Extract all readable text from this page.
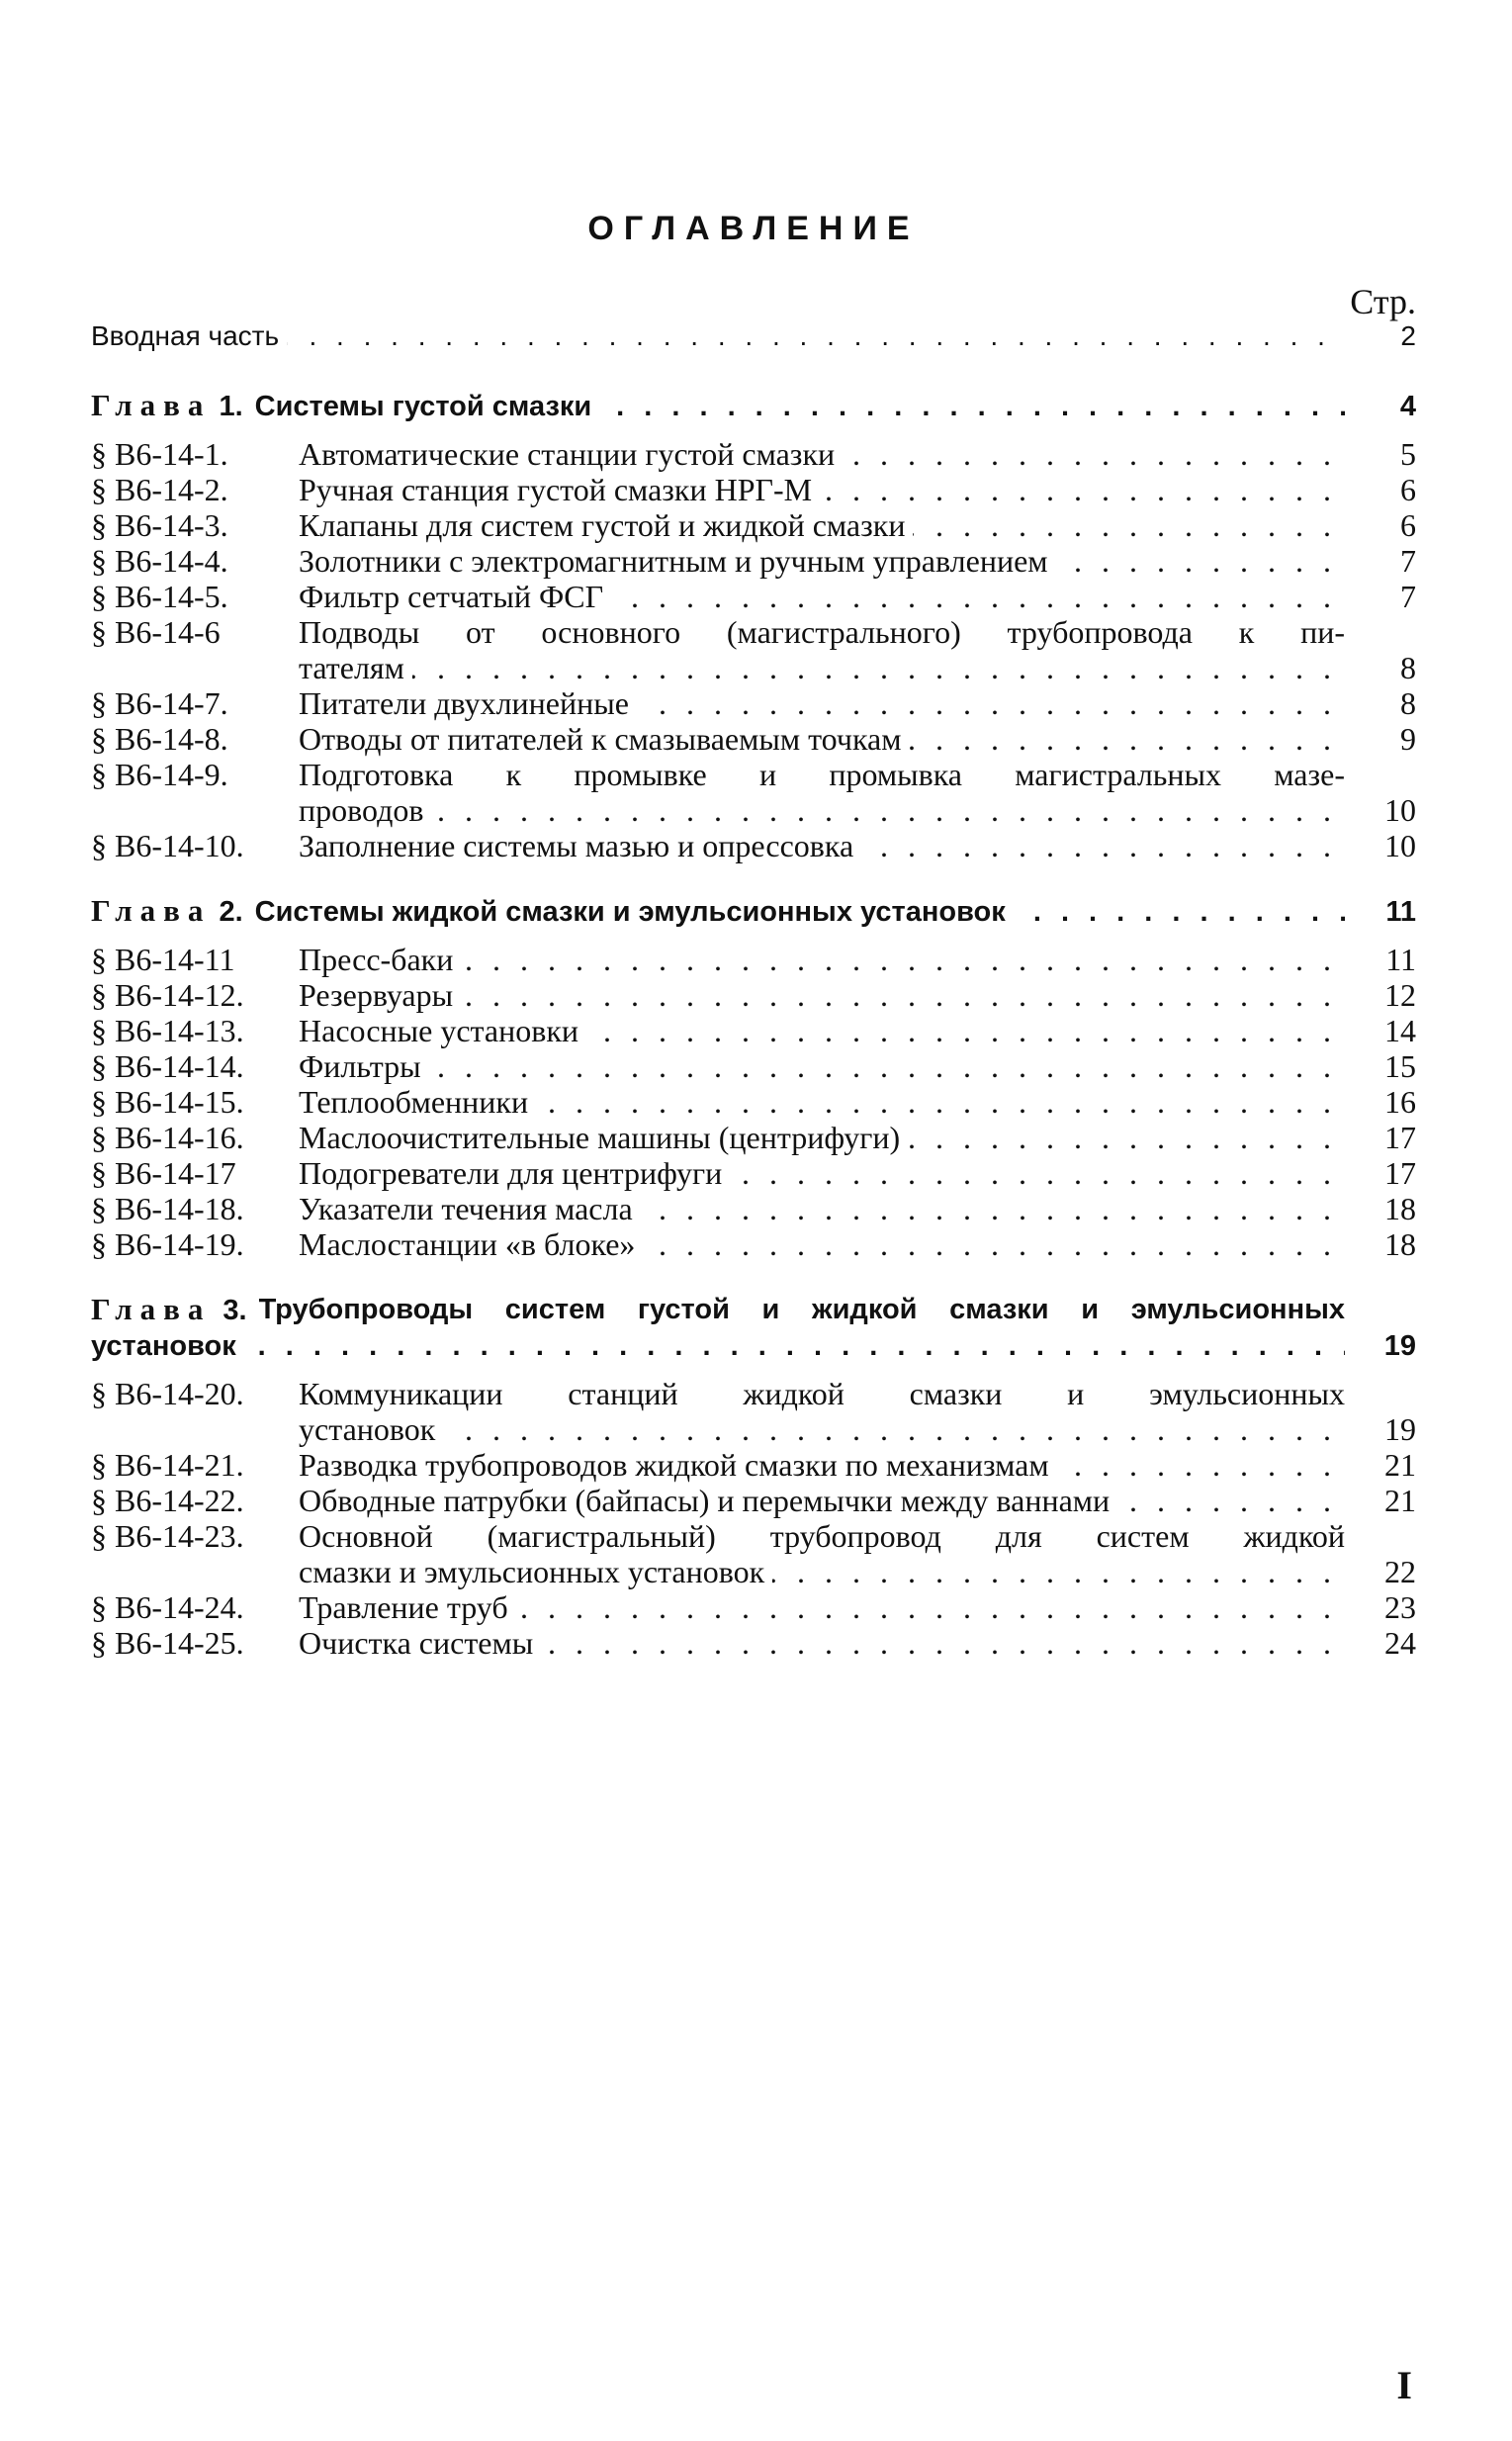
ОГЛАВЛЕНИЕ
Стр.
Вводная часть . . .	2
Глава 1. Системы густой смазки . . .	4
§ В6-14-1.	Автоматические станции густой смазки . . .	5
§ В6-14-2.	Ручная станция густой смазки НРГ-М . . .	6
§ В6-14-3.	Клапаны для систем густой и жидкой смазки . . .	6
§ В6-14-4.	Золотники с электромагнитным и ручным управлением . . .	7
§ В6-14-5.	Фильтр сетчатый ФСГ . . .	7
§ В6-14-6	Подводы от основного (магистрального) трубопровода к пи-
тателям . . .	8
§ В6-14-7.	Питатели двухлинейные . . .	8
§ В6-14-8.	Отводы от питателей к смазываемым точкам . . .	9
§ В6-14-9.	Подготовка к промывке и промывка магистральных мазе-
проводов . . .	10
§ В6-14-10.	Заполнение системы мазью и опрессовка . . .	10
Глава 2. Системы жидкой смазки и эмульсионных установок . . .	11
§ В6-14-11	Пресс-баки . . .	11
§ В6-14-12.	Резервуары . . .	12
§ В6-14-13.	Насосные установки . . .	14
§ В6-14-14.	Фильтры . . .	15
§ В6-14-15.	Теплообменники . . .	16
§ В6-14-16.	Маслоочистительные машины (центрифуги) . . .	17
§ В6-14-17	Подогреватели для центрифуги . . .	17
§ В6-14-18.	Указатели течения масла . . .	18
§ В6-14-19.	Маслостанции «в блоке» . . .	18
Глава 3. Трубопроводы систем густой и жидкой смазки и эмульсионных
установок . . .	19
§ В6-14-20.	Коммуникации станций жидкой смазки и эмульсионных
установок . . .	19
§ В6-14-21.	Разводка трубопроводов жидкой смазки по механизмам . . .	21
§ В6-14-22.	Обводные патрубки (байпасы) и перемычки между ваннами . . .	21
§ В6-14-23.	Основной (магистральный) трубопровод для систем жидкой
смазки и эмульсионных установок . . .	22
§ В6-14-24.	Травление труб . . .	23
§ В6-14-25.	Очистка системы . . .	24
I
